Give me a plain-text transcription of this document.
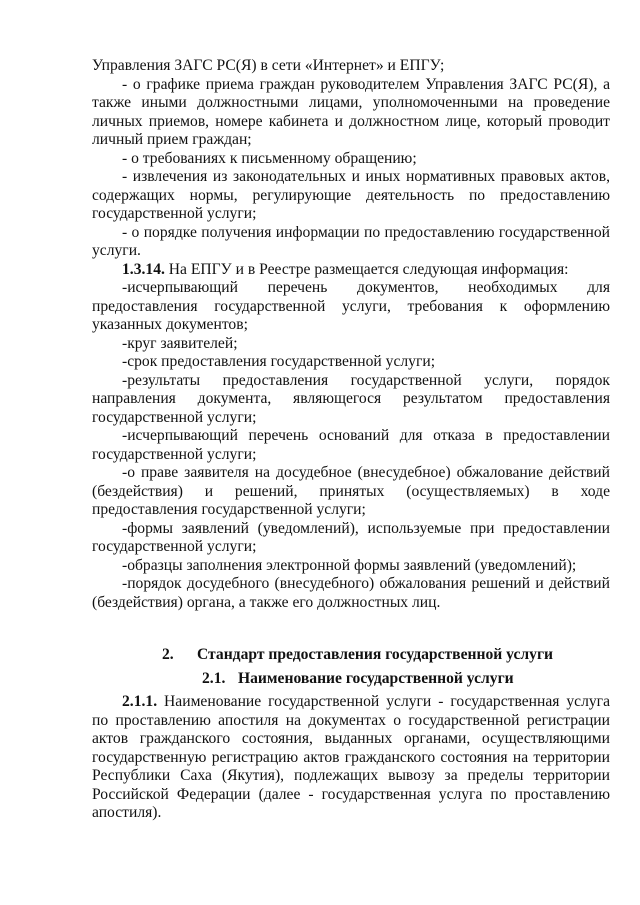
Управления ЗАГС РС(Я) в сети «Интернет» и ЕПГУ;

- о графике приема граждан руководителем Управления ЗАГС РС(Я), а также иными должностными лицами, уполномоченными на проведение личных приемов, номере кабинета и должностном лице, который проводит личный прием граждан;

- о требованиях к письменному обращению;

- извлечения из законодательных и иных нормативных правовых актов, содержащих нормы, регулирующие деятельность по предоставлению государственной услуги;

- о порядке получения информации по предоставлению государственной услуги.

1.3.14. На ЕПГУ и в Реестре размещается следующая информация:

-исчерпывающий перечень документов, необходимых для предоставления государственной услуги, требования к оформлению указанных документов;

-круг заявителей;

-срок предоставления государственной услуги;

-результаты предоставления государственной услуги, порядок направления документа, являющегося результатом предоставления государственной услуги;

-исчерпывающий перечень оснований для отказа в предоставлении государственной услуги;

-о праве заявителя на досудебное (внесудебное) обжалование действий (бездействия) и решений, принятых (осуществляемых) в ходе предоставления государственной услуги;

-формы заявлений (уведомлений), используемые при предоставлении государственной услуги;

-образцы заполнения электронной формы заявлений (уведомлений);

-порядок досудебного (внесудебного) обжалования решений и действий (бездействия) органа, а также его должностных лиц.

2. Стандарт предоставления государственной услуги
2.1. Наименование государственной услуги

2.1.1. Наименование государственной услуги - государственная услуга по проставлению апостиля на документах о государственной регистрации актов гражданского состояния, выданных органами, осуществляющими государственную регистрацию актов гражданского состояния на территории Республики Саха (Якутия), подлежащих вывозу за пределы территории Российской Федерации (далее - государственная услуга по проставлению апостиля).
